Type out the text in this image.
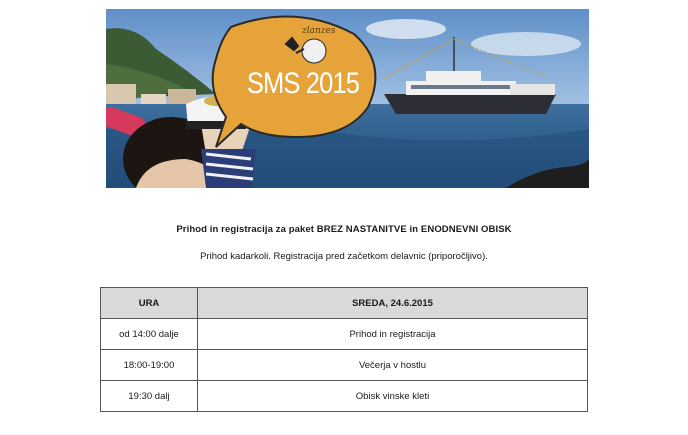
zlanzes
SMS 2015
Prihod in registracija za paket BREZ NASTANITVE in ENODNEVNI OBISK
Prihod kadarkoli. Registracija pred začetkom delavnic (priporočljivo).
URA	SREDA, 24.6.2015
od 14:00 dalje	Prihod in registracija
18:00-19:00	Večerja v hostlu
19:30 dalj	Obisk vinske kleti
